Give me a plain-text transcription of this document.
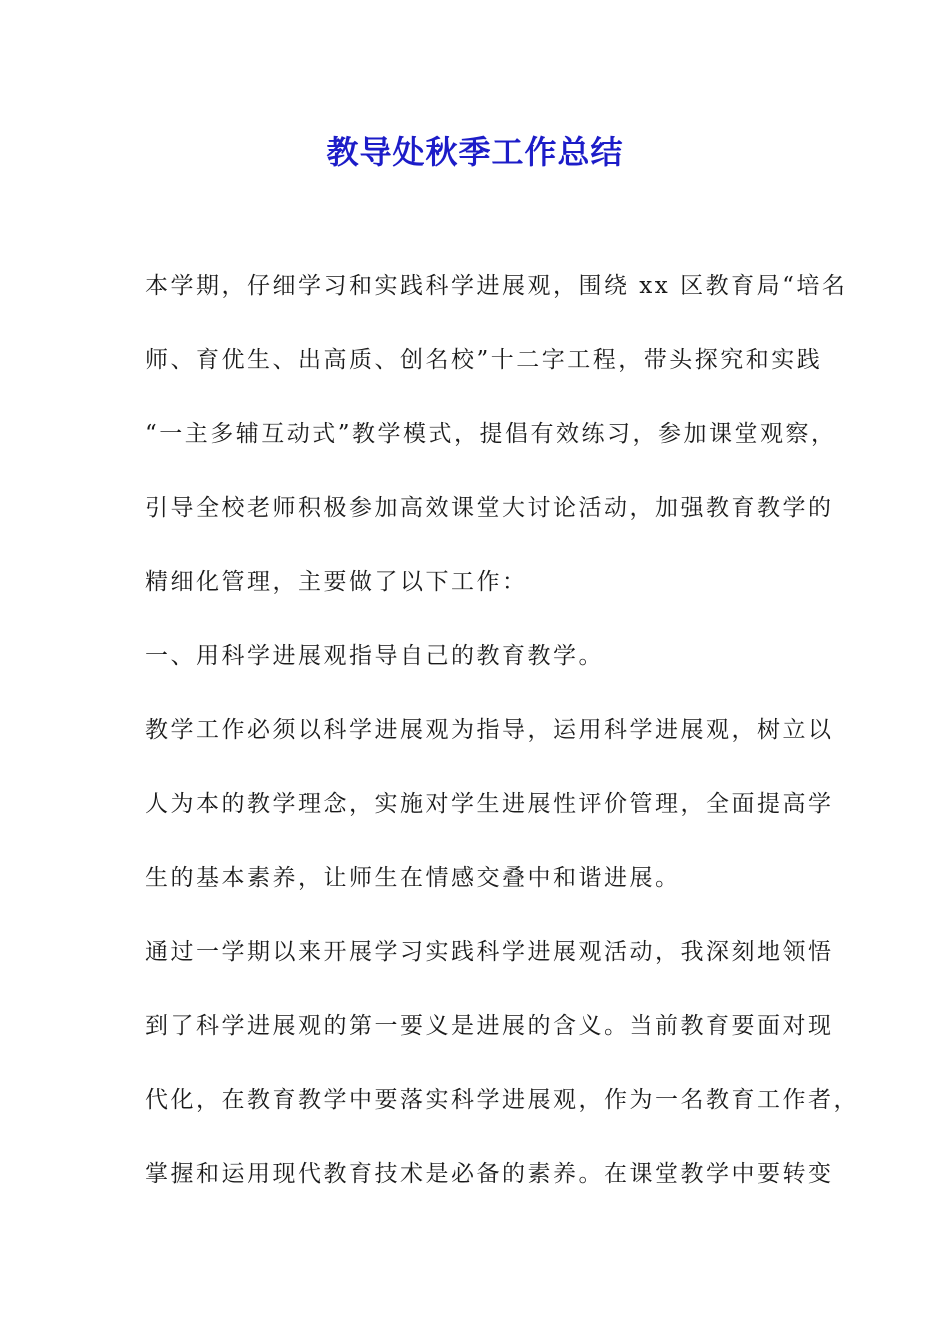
教导处秋季工作总结

本学期，仔细学习和实践科学进展观，围绕 xx 区教育局“培名

师、育优生、出高质、创名校”十二字工程，带头探究和实践

“一主多辅互动式”教学模式，提倡有效练习，参加课堂观察，

引导全校老师积极参加高效课堂大讨论活动，加强教育教学的

精细化管理，主要做了以下工作：

一、用科学进展观指导自己的教育教学。

教学工作必须以科学进展观为指导，运用科学进展观，树立以

人为本的教学理念，实施对学生进展性评价管理，全面提高学

生的基本素养，让师生在情感交叠中和谐进展。

通过一学期以来开展学习实践科学进展观活动，我深刻地领悟

到了科学进展观的第一要义是进展的含义。当前教育要面对现

代化，在教育教学中要落实科学进展观，作为一名教育工作者，

掌握和运用现代教育技术是必备的素养。在课堂教学中要转变
